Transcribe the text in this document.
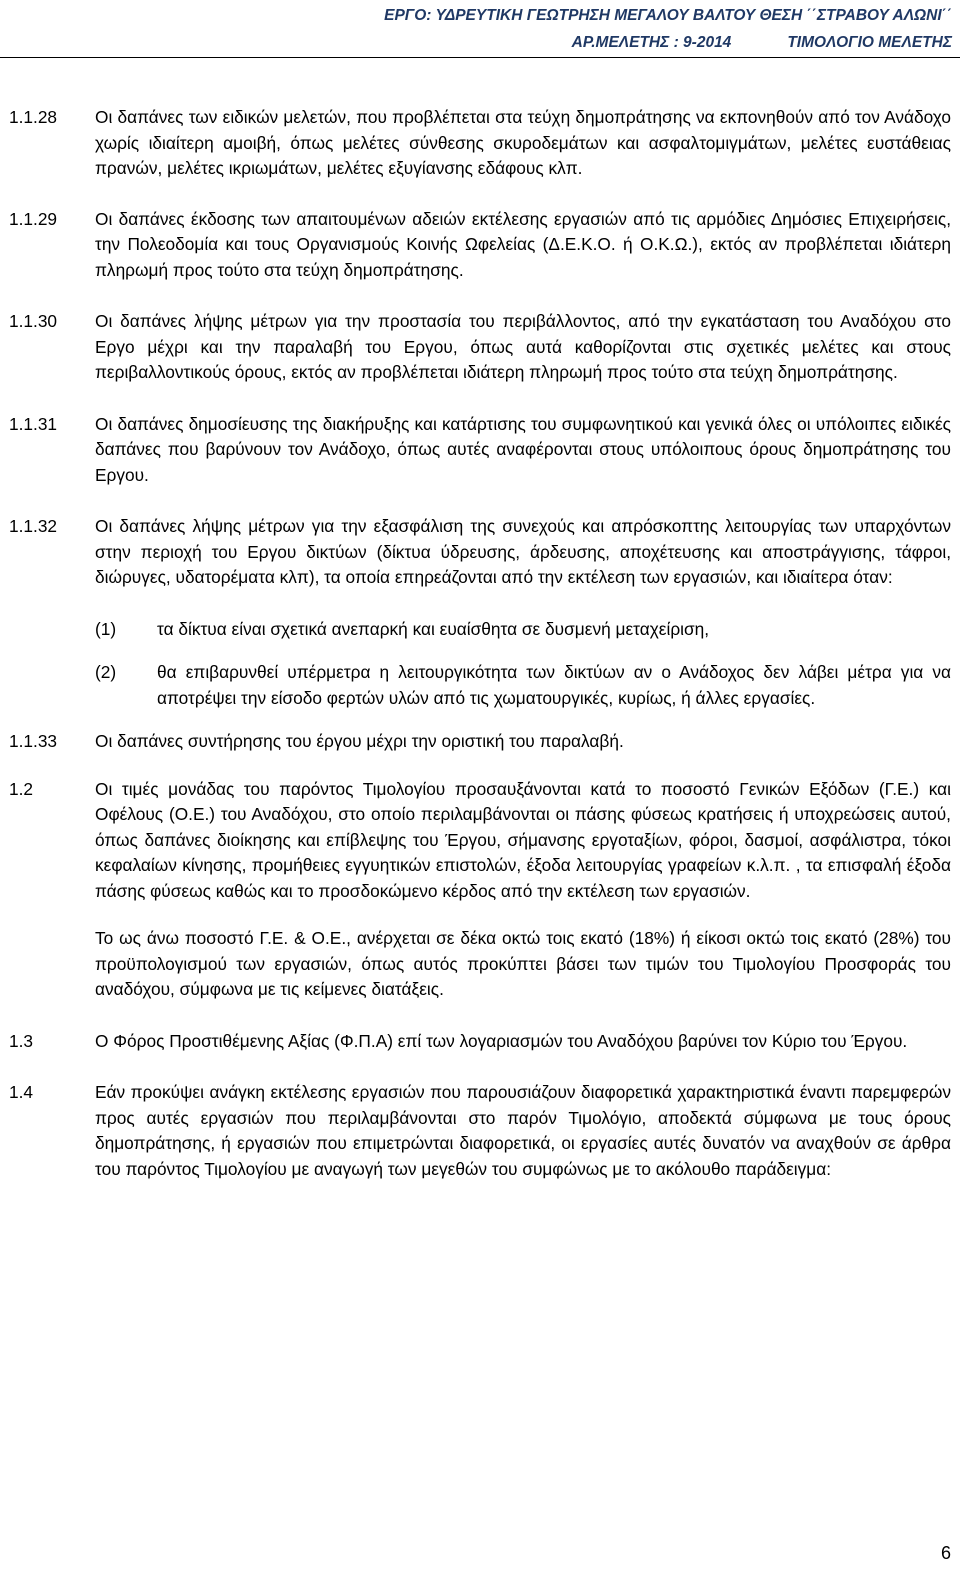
ΕΡΓΟ: ΥΔΡΕΥΤΙΚΗ ΓΕΩΤΡΗΣΗ ΜΕΓΑΛΟΥ ΒΑΛΤΟΥ ΘΕΣΗ ΄΄ΣΤΡΑΒΟΥ ΑΛΩΝΙ΄΄
ΑΡ.ΜΕΛΕΤΗΣ : 9-2014	ΤΙΜΟΛΟΓΙΟ ΜΕΛΕΤΗΣ
1.1.28 Οι δαπάνες των ειδικών μελετών, που προβλέπεται στα τεύχη δημοπράτησης να εκπονηθούν από τον Ανάδοχο χωρίς ιδιαίτερη αμοιβή, όπως μελέτες σύνθεσης σκυροδεμάτων και ασφαλτομιγμάτων, μελέτες ευστάθειας πρανών, μελέτες ικριωμάτων, μελέτες εξυγίανσης εδάφους κλπ.
1.1.29 Οι δαπάνες έκδοσης των απαιτουμένων αδειών εκτέλεσης εργασιών από τις αρμόδιες Δημόσιες Επιχειρήσεις, την Πολεοδομία και τους Οργανισμούς Κοινής Ωφελείας (Δ.Ε.Κ.Ο. ή Ο.Κ.Ω.), εκτός αν προβλέπεται ιδιάτερη πληρωμή προς τούτο στα τεύχη δημοπράτησης.
1.1.30 Οι δαπάνες λήψης μέτρων για την προστασία του περιβάλλοντος, από την εγκατάσταση του Αναδόχου στο Εργο μέχρι και την παραλαβή του Εργου, όπως αυτά καθορίζονται στις σχετικές μελέτες και στους περιβαλλοντικούς όρους, εκτός αν προβλέπεται ιδιάτερη πληρωμή προς τούτο στα τεύχη δημοπράτησης.
1.1.31 Οι δαπάνες δημοσίευσης της διακήρυξης και κατάρτισης του συμφωνητικού και γενικά όλες οι υπόλοιπες ειδικές δαπάνες που βαρύνουν τον Ανάδοχο, όπως αυτές αναφέρονται στους υπόλοιπους όρους δημοπράτησης του Εργου.
1.1.32 Οι δαπάνες λήψης μέτρων για την εξασφάλιση της συνεχούς και απρόσκοπτης λειτουργίας των υπαρχόντων στην περιοχή του Εργου δικτύων (δίκτυα ύδρευσης, άρδευσης, αποχέτευσης και αποστράγγισης, τάφροι, διώρυγες, υδατορέματα κλπ), τα οποία επηρεάζονται από την εκτέλεση των εργασιών, και ιδιαίτερα όταν:
(1) τα δίκτυα είναι σχετικά ανεπαρκή και ευαίσθητα σε δυσμενή μεταχείριση,
(2) θα επιβαρυνθεί υπέρμετρα η λειτουργικότητα των δικτύων αν ο Ανάδοχος δεν λάβει μέτρα για να αποτρέψει την είσοδο φερτών υλών από τις χωματουργικές, κυρίως, ή άλλες εργασίες.
1.1.33 Οι δαπάνες συντήρησης του έργου μέχρι την οριστική του παραλαβή.
1.2	Οι τιμές μονάδας του παρόντος Τιμολογίου προσαυξάνονται κατά το ποσοστό Γενικών Εξόδων (Γ.Ε.) και Οφέλους (Ο.Ε.) του Αναδόχου, στο οποίο περιλαμβάνονται οι πάσης φύσεως κρατήσεις ή υποχρεώσεις αυτού, όπως δαπάνες διοίκησης και επίβλεψης του Έργου, σήμανσης εργοταξίων, φόροι, δασμοί, ασφάλιστρα, τόκοι κεφαλαίων κίνησης, προμήθειες εγγυητικών επιστολών, έξοδα λειτουργίας γραφείων κ.λ.π. , τα επισφαλή έξοδα πάσης φύσεως καθώς και το προσδοκώμενο κέρδος από την εκτέλεση των εργασιών.
Το ως άνω ποσοστό Γ.Ε. & Ο.Ε., ανέρχεται σε δέκα οκτώ τοις εκατό (18%) ή είκοσι οκτώ τοις εκατό (28%) του προϋπολογισμού των εργασιών, όπως αυτός προκύπτει βάσει των τιμών του Τιμολογίου Προσφοράς του αναδόχου, σύμφωνα με τις κείμενες διατάξεις.
1.3	Ο Φόρος Προστιθέμενης Αξίας (Φ.Π.Α) επί των λογαριασμών του Αναδόχου βαρύνει τον Κύριο του Έργου.
1.4	Εάν προκύψει ανάγκη εκτέλεσης εργασιών που παρουσιάζουν διαφορετικά χαρακτηριστικά έναντι παρεμφερών προς αυτές εργασιών που περιλαμβάνονται στο παρόν Τιμολόγιο, αποδεκτά σύμφωνα με τους όρους δημοπράτησης, ή εργασιών που επιμετρώνται διαφορετικά, οι εργασίες αυτές δυνατόν να αναχθούν σε άρθρα του παρόντος Τιμολογίου με αναγωγή των μεγεθών του συμφώνως με το ακόλουθο παράδειγμα:
6
